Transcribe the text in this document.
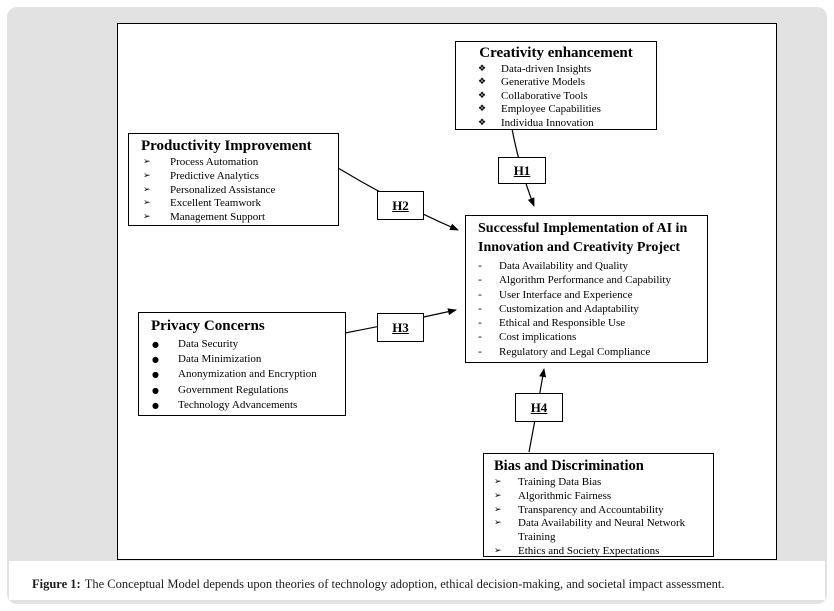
Creativity enhancement
❖	Data-driven Insights
❖	Generative Models
❖	Collaborative Tools
❖	Employee Capabilities
❖	Individua Innovation
Productivity Improvement
➢	Process Automation
➢	Predictive Analytics
➢	Personalized Assistance
➢	Excellent Teamwork
➢	Management Support
Successful Implementation of AI in Innovation and Creativity Project
-	Data Availability and Quality
-	Algorithm Performance and Capability
-	User Interface and Experience
-	Customization and Adaptability
-	Ethical and Responsible Use
-	Cost implications
-	Regulatory and Legal Compliance
Privacy Concerns
●	Data Security
●	Data Minimization
●	Anonymization and Encryption
●	Government Regulations
●	Technology Advancements
Bias and Discrimination
➢	Training Data Bias
➢	Algorithmic Fairness
➢	Transparency and Accountability
➢	Data Availability and Neural Network Training
➢	Ethics and Society Expectations
H1
H2
H3
H4
Figure 1: The Conceptual Model depends upon theories of technology adoption, ethical decision-making, and societal impact assessment.
